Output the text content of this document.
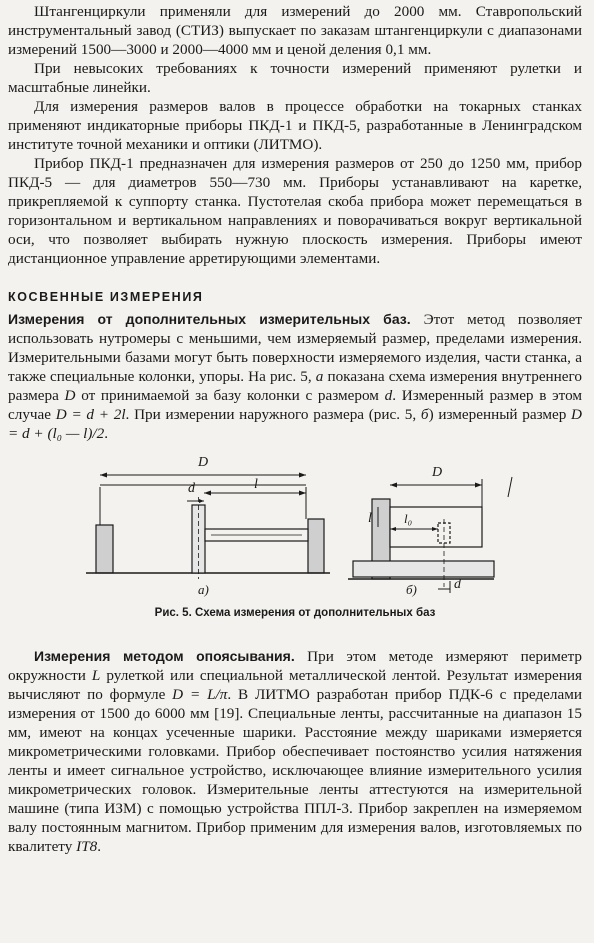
Штангенциркули применяли для измерений до 2000 мм. Ставропольский инструментальный завод (СТИЗ) выпускает по заказам штангенциркули с диапазонами измерений 1500—3000 и 2000—4000 мм и ценой деления 0,1 мм.

При невысоких требованиях к точности измерений применяют рулетки и масштабные линейки.

Для измерения размеров валов в процессе обработки на токарных станках применяют индикаторные приборы ПКД-1 и ПКД-5, разработанные в Ленинградском институте точной механики и оптики (ЛИТМО).

Прибор ПКД-1 предназначен для измерения размеров от 250 до 1250 мм, прибор ПКД-5 — для диаметров 550—730 мм. Приборы устанавливают на каретке, прикрепляемой к суппорту станка. Пустотелая скоба прибора может перемещаться в горизонтальном и вертикальном направлениях и поворачиваться вокруг вертикальной оси, что позволяет выбирать нужную плоскость измерения. Приборы имеют дистанционное управление арретирующими элементами.

КОСВЕННЫЕ ИЗМЕРЕНИЯ

Измерения от дополнительных измерительных баз. Этот метод позволяет использовать нутромеры с меньшими, чем измеряемый размер, пределами измерения. Измерительными базами могут быть поверхности измеряемого изделия, части станка, а также специальные колонки, упоры. На рис. 5, а показана схема измерения внутреннего размера D от принимаемой за базу колонки с размером d. Измеренный размер в этом случае D = d + 2l. При измерении наружного размера (рис. 5, б) измеренный размер D = d + (l₀ — l)/2.

D
d	l
а)
D
l l₀
d
б)
Рис. 5. Схема измерения от дополнительных баз

Измерения методом опоясывания. При этом методе измеряют периметр окружности L рулеткой или специальной металлической лентой. Результат измерения вычисляют по формуле D = L/π. В ЛИТМО разработан прибор ПДК-6 с пределами измерения от 1500 до 6000 мм [19]. Специальные ленты, рассчитанные на диапазон 15 мм, имеют на концах усеченные шарики. Расстояние между шариками измеряется микрометрическими головками. Прибор обеспечивает постоянство усилия натяжения ленты и имеет сигнальное устройство, исключающее влияние измерительного усилия микрометрических головок. Измерительные ленты аттестуются на измерительной машине (типа ИЗМ) с помощью устройства ППЛ-3. Прибор закреплен на измеряемом валу постоянным магнитом. Прибор применим для измерения валов, изготовляемых по квалитету IT8.
